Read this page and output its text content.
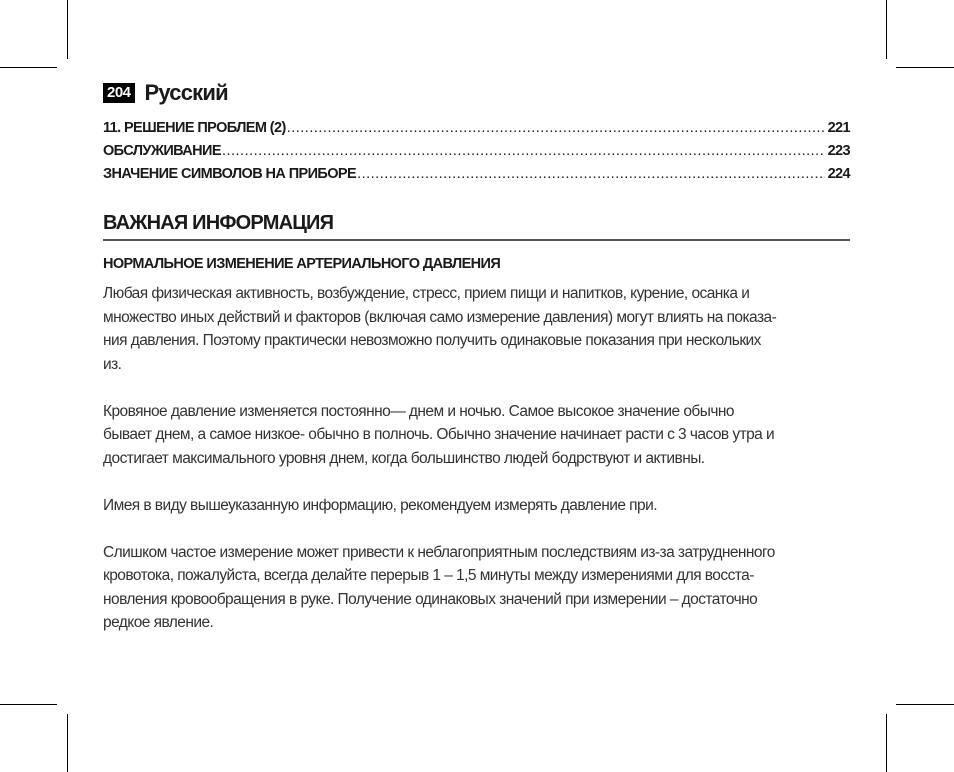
204 Русский
11. РЕШЕНИЕ ПРОБЛЕМ (2) .....	221
ОБСЛУЖИВАНИЕ .....	223
ЗНАЧЕНИЕ СИМВОЛОВ НА ПРИБОРЕ .....	224
ВАЖНАЯ ИНФОРМАЦИЯ
НОРМАЛЬНОЕ ИЗМЕНЕНИЕ АРТЕРИАЛЬНОГО ДАВЛЕНИЯ

Любая физическая активность, возбуждение, стресс, прием пищи и напитков, курение, осанка и
множество иных действий и факторов (включая само измерение давления) могут влиять на показа-
ния давления. Поэтому практически невозможно получить одинаковые показания при нескольких
из.

Кровяное давление изменяется постоянно— днем и ночью. Самое высокое значение обычно
бывает днем, а самое низкое- обычно в полночь. Обычно значение начинает расти с 3 часов утра и
достигает максимального уровня днем, когда большинство людей бодрствуют и активны.

Имея в виду вышеуказанную информацию, рекомендуем измерять давление при.

Слишком частое измерение может привести к неблагоприятным последствиям из-за затрудненного
кровотока, пожалуйста, всегда делайте перерыв 1 – 1,5 минуты между измерениями для восста-
новления кровообращения в руке. Получение одинаковых значений при измерении – достаточно
редкое явление.
